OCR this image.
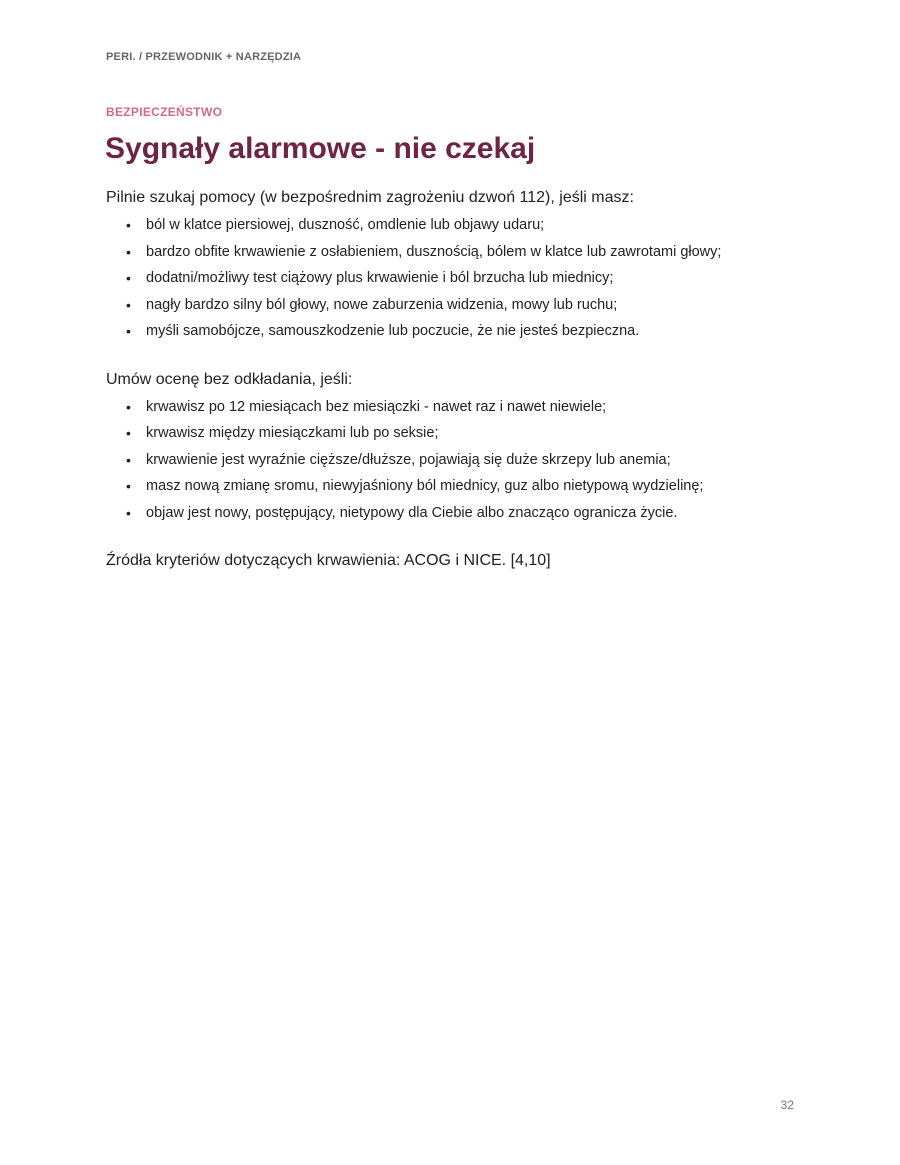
PERI. / PRZEWODNIK + NARZĘDZIA
BEZPIECZEŃSTWO
Sygnały alarmowe - nie czekaj

Pilnie szukaj pomocy (w bezpośrednim zagrożeniu dzwoń 112), jeśli masz:

• ból w klatce piersiowej, duszność, omdlenie lub objawy udaru;
• bardzo obfite krwawienie z osłabieniem, dusznością, bólem w klatce lub zawrotami głowy;
• dodatni/możliwy test ciążowy plus krwawienie i ból brzucha lub miednicy;
• nagły bardzo silny ból głowy, nowe zaburzenia widzenia, mowy lub ruchu;
• myśli samobójcze, samouszkodzenie lub poczucie, że nie jesteś bezpieczna.

Umów ocenę bez odkładania, jeśli:

• krwawisz po 12 miesiącach bez miesiączki - nawet raz i nawet niewiele;
• krwawisz między miesiączkami lub po seksie;
• krwawienie jest wyraźnie cięższe/dłuższe, pojawiają się duże skrzepy lub anemia;
• masz nową zmianę sromu, niewyjaśniony ból miednicy, guz albo nietypową wydzielinę;
• objaw jest nowy, postępujący, nietypowy dla Ciebie albo znacząco ogranicza życie.

Źródła kryteriów dotyczących krwawienia: ACOG i NICE. [4,10]

32
